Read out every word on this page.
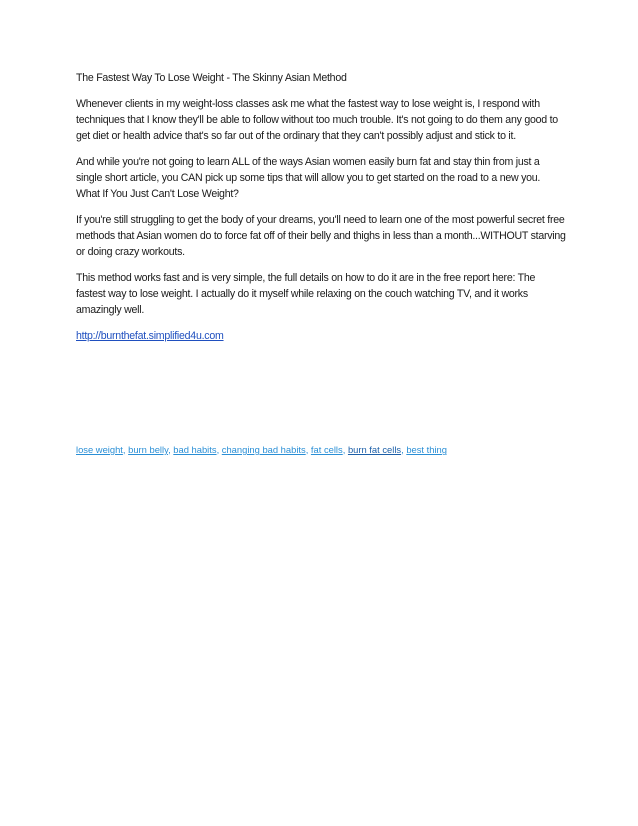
The Fastest Way To Lose Weight - The Skinny Asian Method

Whenever clients in my weight-loss classes ask me what the fastest way to lose weight is, I respond with techniques that I know they'll be able to follow without too much trouble. It's not going to do them any good to get diet or health advice that's so far out of the ordinary that they can't possibly adjust and stick to it.

And while you're not going to learn ALL of the ways Asian women easily burn fat and stay thin from just a single short article, you CAN pick up some tips that will allow you to get started on the road to a new you. What If You Just Can't Lose Weight?

If you're still struggling to get the body of your dreams, you'll need to learn one of the most powerful secret free methods that Asian women do to force fat off of their belly and thighs in less than a month...WITHOUT starving or doing crazy workouts.

This method works fast and is very simple, the full details on how to do it are in the free report here: The fastest way to lose weight. I actually do it myself while relaxing on the couch watching TV, and it works amazingly well.

http://burnthefat.simplified4u.com
lose weight, burn belly, bad habits, changing bad habits, fat cells, burn fat cells, best thing
